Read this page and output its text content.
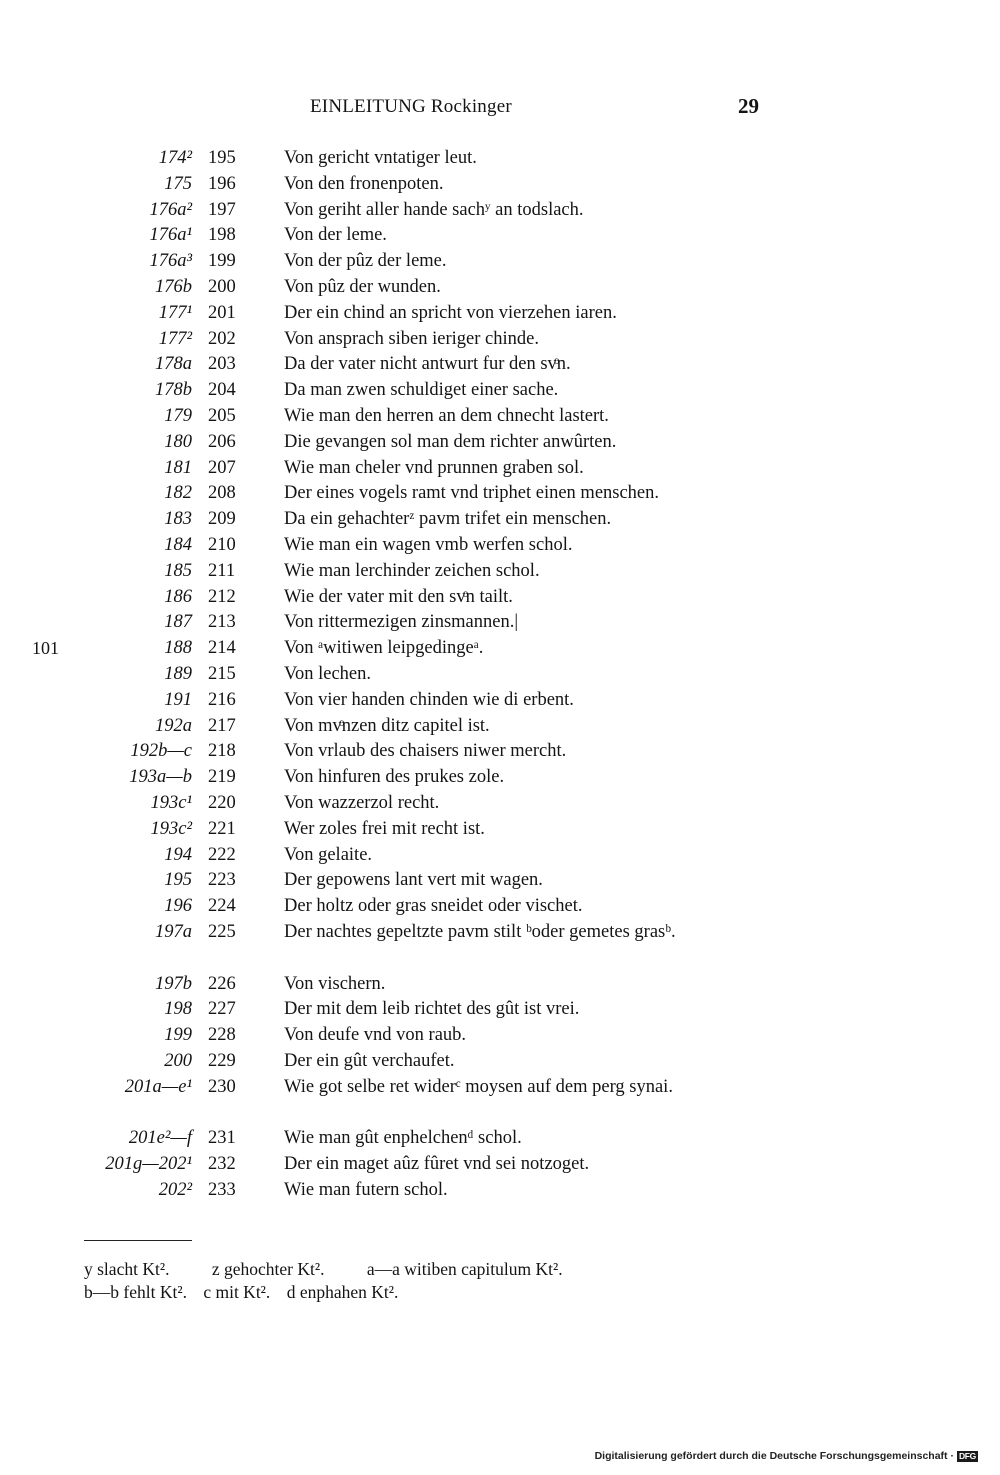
EINLEITUNG Rockinger	29
174² 195	Von gericht vntatiger leut.
175 196	Von den fronenpoten.
176a² 197	Von geriht aller hande sachʸ an todslach.
176a¹ 198	Von der leme.
176a³ 199	Von der pûz der leme.
176b 200	Von pûz der wunden.
177¹ 201	Der ein chind an spricht von vierzehen iaren.
177² 202	Von ansprach siben ieriger chinde.
178a 203	Da der vater nicht antwurt fur den svͦn.
178b 204	Da man zwen schuldiget einer sache.
179 205	Wie man den herren an dem chnecht lastert.
180 206	Die gevangen sol man dem richter anwûrten.
181 207	Wie man cheler vnd prunnen graben sol.
182 208	Der eines vogels ramt vnd triphet einen menschen.
183 209	Da ein gehachterᶻ pavm trifet ein menschen.
184 210	Wie man ein wagen vmb werfen schol.
185 211	Wie man lerchinder zeichen schol.
186 212	Wie der vater mit den svͦn tailt.
187 213	Von rittermezigen zinsmannen.|
188 214	Von ᵃwitiwen leipgedingeᵃ.
101
189 215	Von lechen.
191 216	Von vier handen chinden wie di erbent.
192a 217	Von mvͦnzen ditz capitel ist.
192b—c 218	Von vrlaub des chaisers niwer mercht.
193a—b 219	Von hinfuren des prukes zole.
193c¹ 220	Von wazzerzol recht.
193c² 221	Wer zoles frei mit recht ist.
194 222	Von gelaite.
195 223	Der gepowens lant vert mit wagen.
196 224	Der holtz oder gras sneidet oder vischet.
197a 225	Der nachtes gepeltzte pavm stilt ᵇoder gemetes grasᵇ.
197b 226	Von vischern.
198 227	Der mit dem leib richtet des gût ist vrei.
199 228	Von deufe vnd von raub.
200 229	Der ein gût verchaufet.
201a—e¹ 230	Wie got selbe ret widerᶜ moysen auf dem perg synai.
201e²—f 231	Wie man gût enphelchenᵈ schol.
201g—202¹ 232	Der ein maget aûz fûret vnd sei notzoget.
202² 233	Wie man futern schol.
y slacht Kt². z gehochter Kt². a—a witiben capitulum Kt².
b—b fehlt Kt². c mit Kt². d enphahen Kt².
Digitalisierung gefördert durch die Deutsche Forschungsgemeinschaft · DFG
